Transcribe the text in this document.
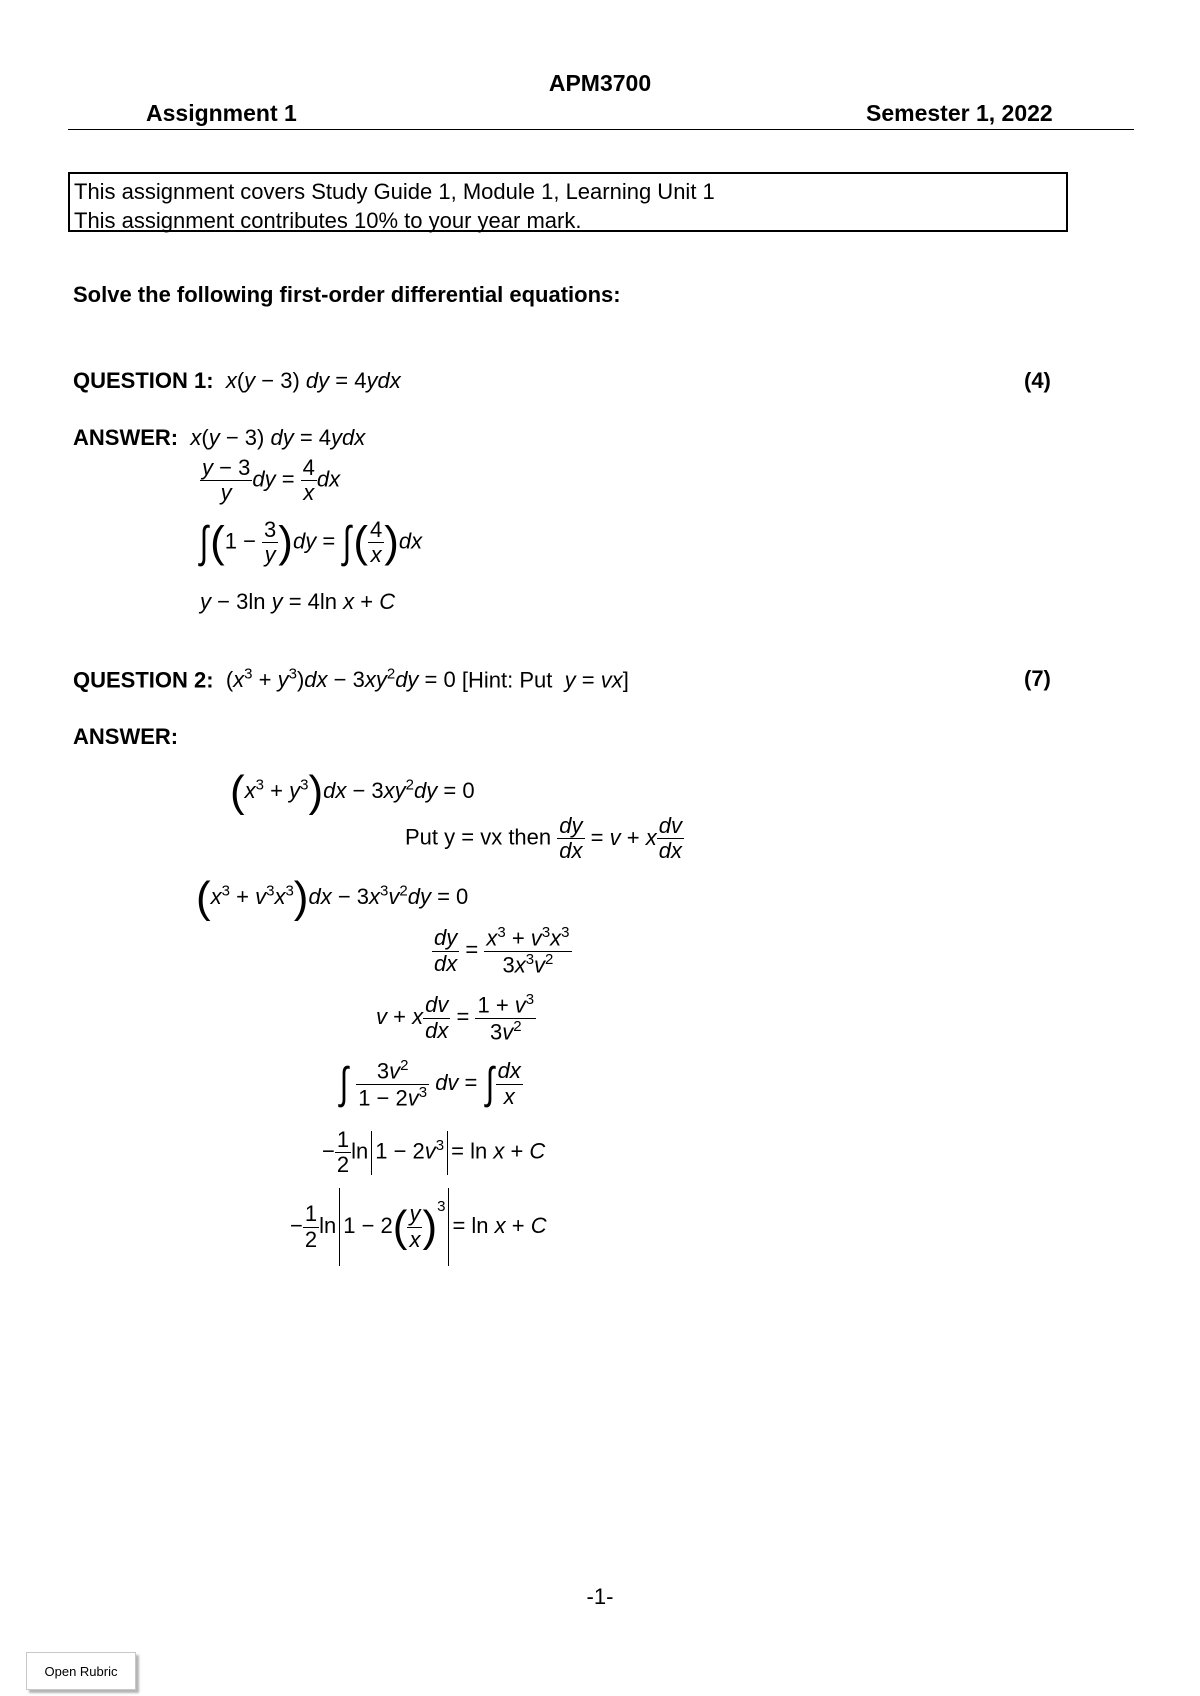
APM3700
Assignment 1	Semester 1, 2022
This assignment covers Study Guide 1, Module 1, Learning Unit 1
This assignment contributes 10% to your year mark.
Solve the following first-order differential equations:
QUESTION 1:  x(y − 3) dy = 4ydx	(4)
ANSWER:  x(y − 3) dy = 4ydx
$\frac{y - 3}{y}$ dy = $\frac{4}{x}$ dx
$\int(1 - \frac{3}{y} )dy$ = ∫( $\frac{4}{x} )dx$
y − 3ln y = 4ln x + C
QUESTION 2: $(x^3 + y^3)dx - 3xy^2dy = 0$ [Hint: Put  y = vx]	(7)
ANSWER:
$(x^3 + y^3)dx - 3xy^2dy = 0$
Put y = vx then $\frac{dy}{dx} = v + x \frac{dv}{dx}$
$(x^3 + v^3x^3)dx - 3x^3v^2dy = 0$
$\frac{dy}{dx} = \frac{x^3 + v^3x^3}{3x^3v^2}$
v + x $\frac{dv}{dx} = \frac{1 + v^3}{3v^2}$
∫ $\frac{3v^2}{1 - 2v^3}$ dv = ∫ $\frac{dx}{x}$
− $\frac{1}{2}$ $\ln 1 - 2v^3 = \ln x + C$
− $\frac{1}{2}$ $\ln 1 - 2( \frac{y}{x} )^3= \ln x + C$
-1-
Open Rubric
